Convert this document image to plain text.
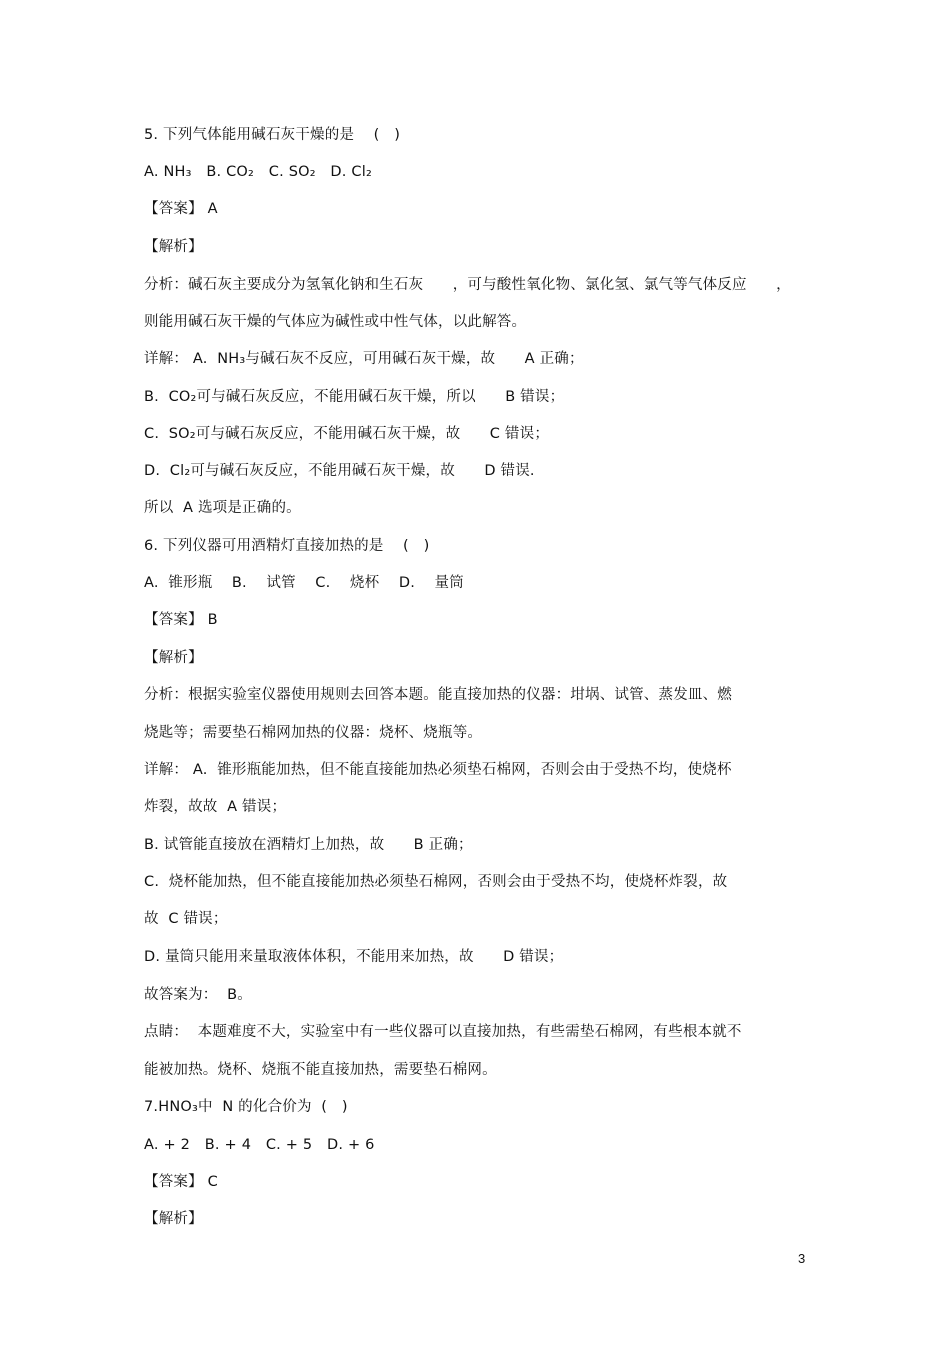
5. 下列气体能用碱石灰干燥的是　 (　)
A. NH₃　B. CO₂　C. SO₂　D. Cl₂
【答案】 A
【解析】
分析：碱石灰主要成分为氢氧化钠和生石灰　　，可与酸性氧化物、氯化氢、氯气等气体反应　　，
则能用碱石灰干燥的气体应为碱性或中性气体，以此解答。
详解： A.  NH₃与碱石灰不反应，可用碱石灰干燥，故　　A 正确；
B.  CO₂可与碱石灰反应，不能用碱石灰干燥，所以　　B 错误；
C.  SO₂可与碱石灰反应，不能用碱石灰干燥，故　　C 错误；
D.  Cl₂可与碱石灰反应，不能用碱石灰干燥，故　　D 错误.
所以  A 选项是正确的。
6. 下列仪器可用酒精灯直接加热的是　 (　)
A.  锥形瓶　 B.　 试管　 C.　 烧杯　 D.　 量筒
【答案】 B
【解析】
分析：根据实验室仪器使用规则去回答本题。能直接加热的仪器：坩埚、试管、蒸发皿、燃
烧匙等；需要垫石棉网加热的仪器：烧杯、烧瓶等。
详解： A.  锥形瓶能加热，但不能直接能加热必须垫石棉网，否则会由于受热不均，使烧杯
炸裂，故故  A 错误；
B. 试管能直接放在酒精灯上加热，故　　B 正确；
C.  烧杯能加热，但不能直接能加热必须垫石棉网，否则会由于受热不均，使烧杯炸裂，故
故  C 错误；
D. 量筒只能用来量取液体体积，不能用来加热，故　　D 错误；
故答案为：  B。
点睛：  本题难度不大，实验室中有一些仪器可以直接加热，有些需垫石棉网，有些根本就不
能被加热。烧杯、烧瓶不能直接加热，需要垫石棉网。
7.HNO₃中  N 的化合价为  (　)
A. + 2　B. + 4　C. + 5　D. + 6
【答案】 C
【解析】
3
